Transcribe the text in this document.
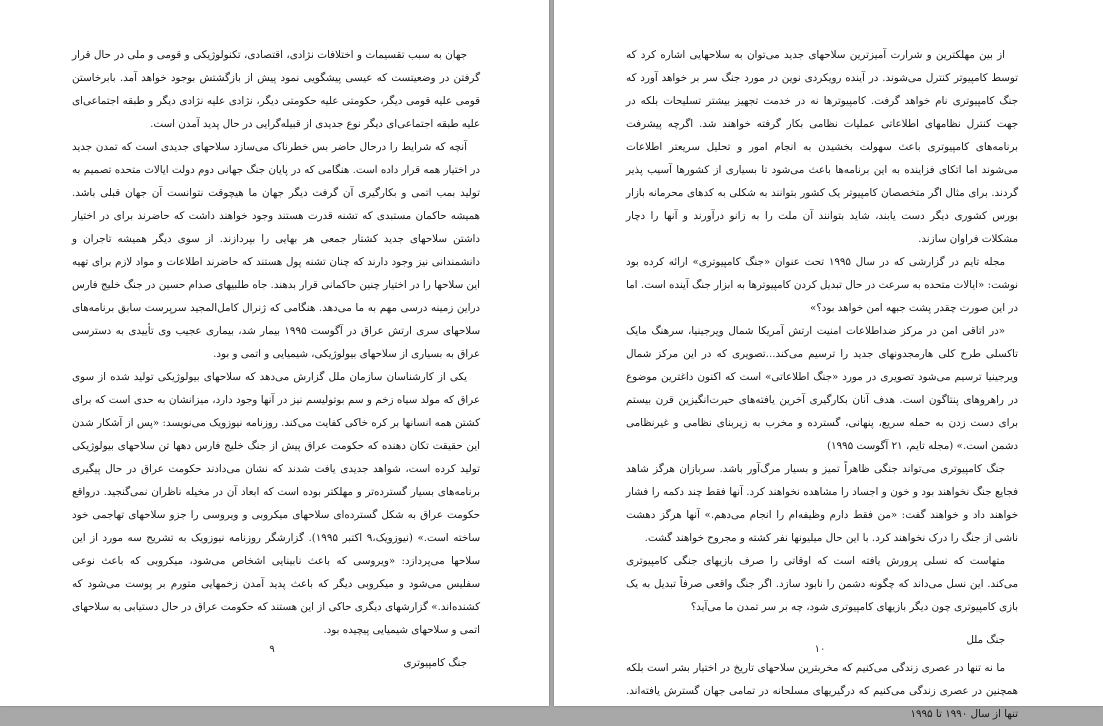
جهان به سبب تقسیمات و اختلافات نژادی، اقتصادی، تکنولوژیکی و قومی و ملی در حال قرار گرفتن در وضعیتست که عیسی پیشگویی نمود پیش از بازگشتش بوجود خواهد آمد. بابرخاستن قومی علیه قومی دیگر، حکومتی علیه حکومتی دیگر، نژادی علیه نژادی دیگر و طبقه اجتماعی‌ای علیه طبقه اجتماعی‌ای دیگر نوع جدیدی از قبیله‌گرایی در حال پدید آمدن است.

آنچه که شرایط را درحال حاضر بس خطرناک می‌سازد سلاحهای جدیدی است که تمدن جدید در اختیار همه قرار داده است. هنگامی که در پایان جنگ جهانی دوم دولت ایالات متحده تصمیم به تولید بمب اتمی و بکارگیری آن گرفت دیگر جهان ما هیچوقت نتوانست آن جهان قبلی باشد. همیشه حاکمان مستبدی که تشنه قدرت هستند وجود خواهند داشت که حاضرند برای در اختیار داشتن سلاحهای جدید کشتار جمعی هر بهایی را بپردازند. از سوی دیگر همیشه تاجران و دانشمندانی نیز وجود دارند که چنان تشنه پول هستند که حاضرند اطلاعات و مواد لازم برای تهیه این سلاحها را در اختیار چنین حاکمانی قرار بدهند. جاه طلبیهای صدام حسین در جنگ خلیج فارس دراین زمینه درسی مهم به ما می‌دهد. هنگامی که ژنرال کامل‌المجید سرپرست سابق برنامه‌های سلاحهای سری ارتش عراق در آگوست ۱۹۹۵ بیمار شد، بیماری عجیب وی تأییدی به دسترسی عراق به بسیاری از سلاحهای بیولوژیکی، شیمیایی و اتمی و بود.

یکی از کارشناسان سازمان ملل گزارش می‌دهد که سلاحهای بیولوژیکی تولید شده از سوی عراق که مولد سیاه زخم و سم بوتولیسم نیز در آنها وجود دارد، میزانشان به حدی است که برای کشتن همه انسانها بر کره خاکی کفایت می‌کند. روزنامه نیوزویک می‌نویسد: «پس از آشکار شدن این حقیقت تکان دهنده که حکومت عراق پیش از جنگ خلیج فارس دهها تن سلاحهای بیولوژیکی تولید کرده است، شواهد جدیدی یافت شدند که نشان می‌دادند حکومت عراق در حال پیگیری برنامه‌های بسیار گسترده‌تر و مهلکتر بوده است که ابعاد آن در مخیله ناظران نمی‌گنجید. درواقع حکومت عراق به شکل گسترده‌ای سلاحهای میکروبی و ویروسی را جزو سلاحهای تهاجمی خود ساخته است.» (نیوزویک،۹ اکتبر ۱۹۹۵). گزارشگر روزنامه نیوزویک به تشریح سه مورد از این سلاحها می‌پردازد: «ویروسی که باعث نابینایی اشخاص می‌شود، میکروبی که باعث نوعی سفلیس می‌شود و میکروبی دیگر که باعث پدید آمدن زخمهایی متورم بر پوست می‌شود که کشنده‌اند.» گزارشهای دیگری حاکی از این هستند که حکومت عراق در حال دستیابی به سلاحهای اتمی و سلاحهای شیمیایی پیچیده بود.

جنگ کامپیوتری

۹

از بین مهلکترین و شرارت آمیزترین سلاحهای جدید می‌توان به سلاحهایی اشاره کرد که توسط کامپیوتر کنترل می‌شوند. در آینده رویکردی نوین در مورد جنگ سر بر خواهد آورد که جنگ کامپیوتری نام خواهد گرفت. کامپیوترها نه در خدمت تجهیز بیشتر تسلیحات بلکه در جهت کنترل نظامهای اطلاعاتی عملیات نظامی بکار گرفته خواهند شد. اگرچه پیشرفت برنامه‌های کامپیوتری باعث سهولت بخشیدن به انجام امور و تحلیل سریعتر اطلاعات می‌شوند اما اتکای فزاینده به این برنامه‌ها باعث می‌شود تا بسیاری از کشورها آسیب پذیر گردند. برای مثال اگر متخصصان کامپیوتر یک کشور بتوانند به شکلی به کدهای محرمانه بازار بورس کشوری دیگر دست یابند، شاید بتوانند آن ملت را به زانو درآورند و آنها را دچار مشکلات فراوان سازند.

مجله تایم در گزارشی که در سال ۱۹۹۵ تحت عنوان «جنگ کامپیوتری» ارائه کرده بود نوشت: «ایالات متحده به سرعت در حال تبدیل کردن کامپیوترها به ابزار جنگ آینده است. اما در این صورت چقدر پشت جبهه امن خواهد بود؟»

«در اتاقی امن در مرکز ضداطلاعات امنیت ارتش آمریکا شمال ویرجینیا، سرهنگ مایک تاکسلی طرح کلی هارمجدونهای جدید را ترسیم می‌کند...تصویری که در این مرکز شمال ویرجینیا ترسیم می‌شود تصویری در مورد «جنگ اطلاعاتی» است که اکنون داغترین موضوع در راهروهای پنتاگون است. هدف آنان بکارگیری آخرین یافته‌های حیرت‌انگیزین قرن بیستم برای دست زدن به حمله سریع، پنهانی، گسترده و مخرب به زیربنای نظامی و غیرنظامی دشمن است.» (مجله تایم، ۲۱ آگوست ۱۹۹۵)

جنگ کامپیوتری می‌تواند جنگی ظاهراً تمیز و بسیار مرگ‌آور باشد. سربازان هرگز شاهد فجایع جنگ نخواهند بود و خون و اجساد را مشاهده نخواهند کرد. آنها فقط چند دکمه را فشار خواهند داد و خواهند گفت: «من فقط دارم وظیفه‌ام را انجام می‌دهم.» آنها هرگز دهشت ناشی از جنگ را درک نخواهند کرد. با این حال میلیونها نفر کشته و مجروح خواهند گشت.

متهاست که نسلی پرورش یافته است که اوقاتی را صرف بازیهای جنگی کامپیوتری می‌کند. این نسل می‌داند که چگونه دشمن را نابود سازد. اگر جنگ واقعی صرفاً تبدیل به یک بازی کامپیوتری چون دیگر بازیهای کامپیوتری شود، چه بر سر تمدن ما می‌آید؟

جنگ ملل

ما نه تنها در عصری زندگی می‌کنیم که مخربترین سلاحهای تاریخ در اختیار بشر است بلکه همچنین در عصری زندگی می‌کنیم که درگیریهای مسلحانه در تمامی جهان گسترش یافته‌اند. تنها از سال ۱۹۹۰ تا ۱۹۹۵

۱۰
